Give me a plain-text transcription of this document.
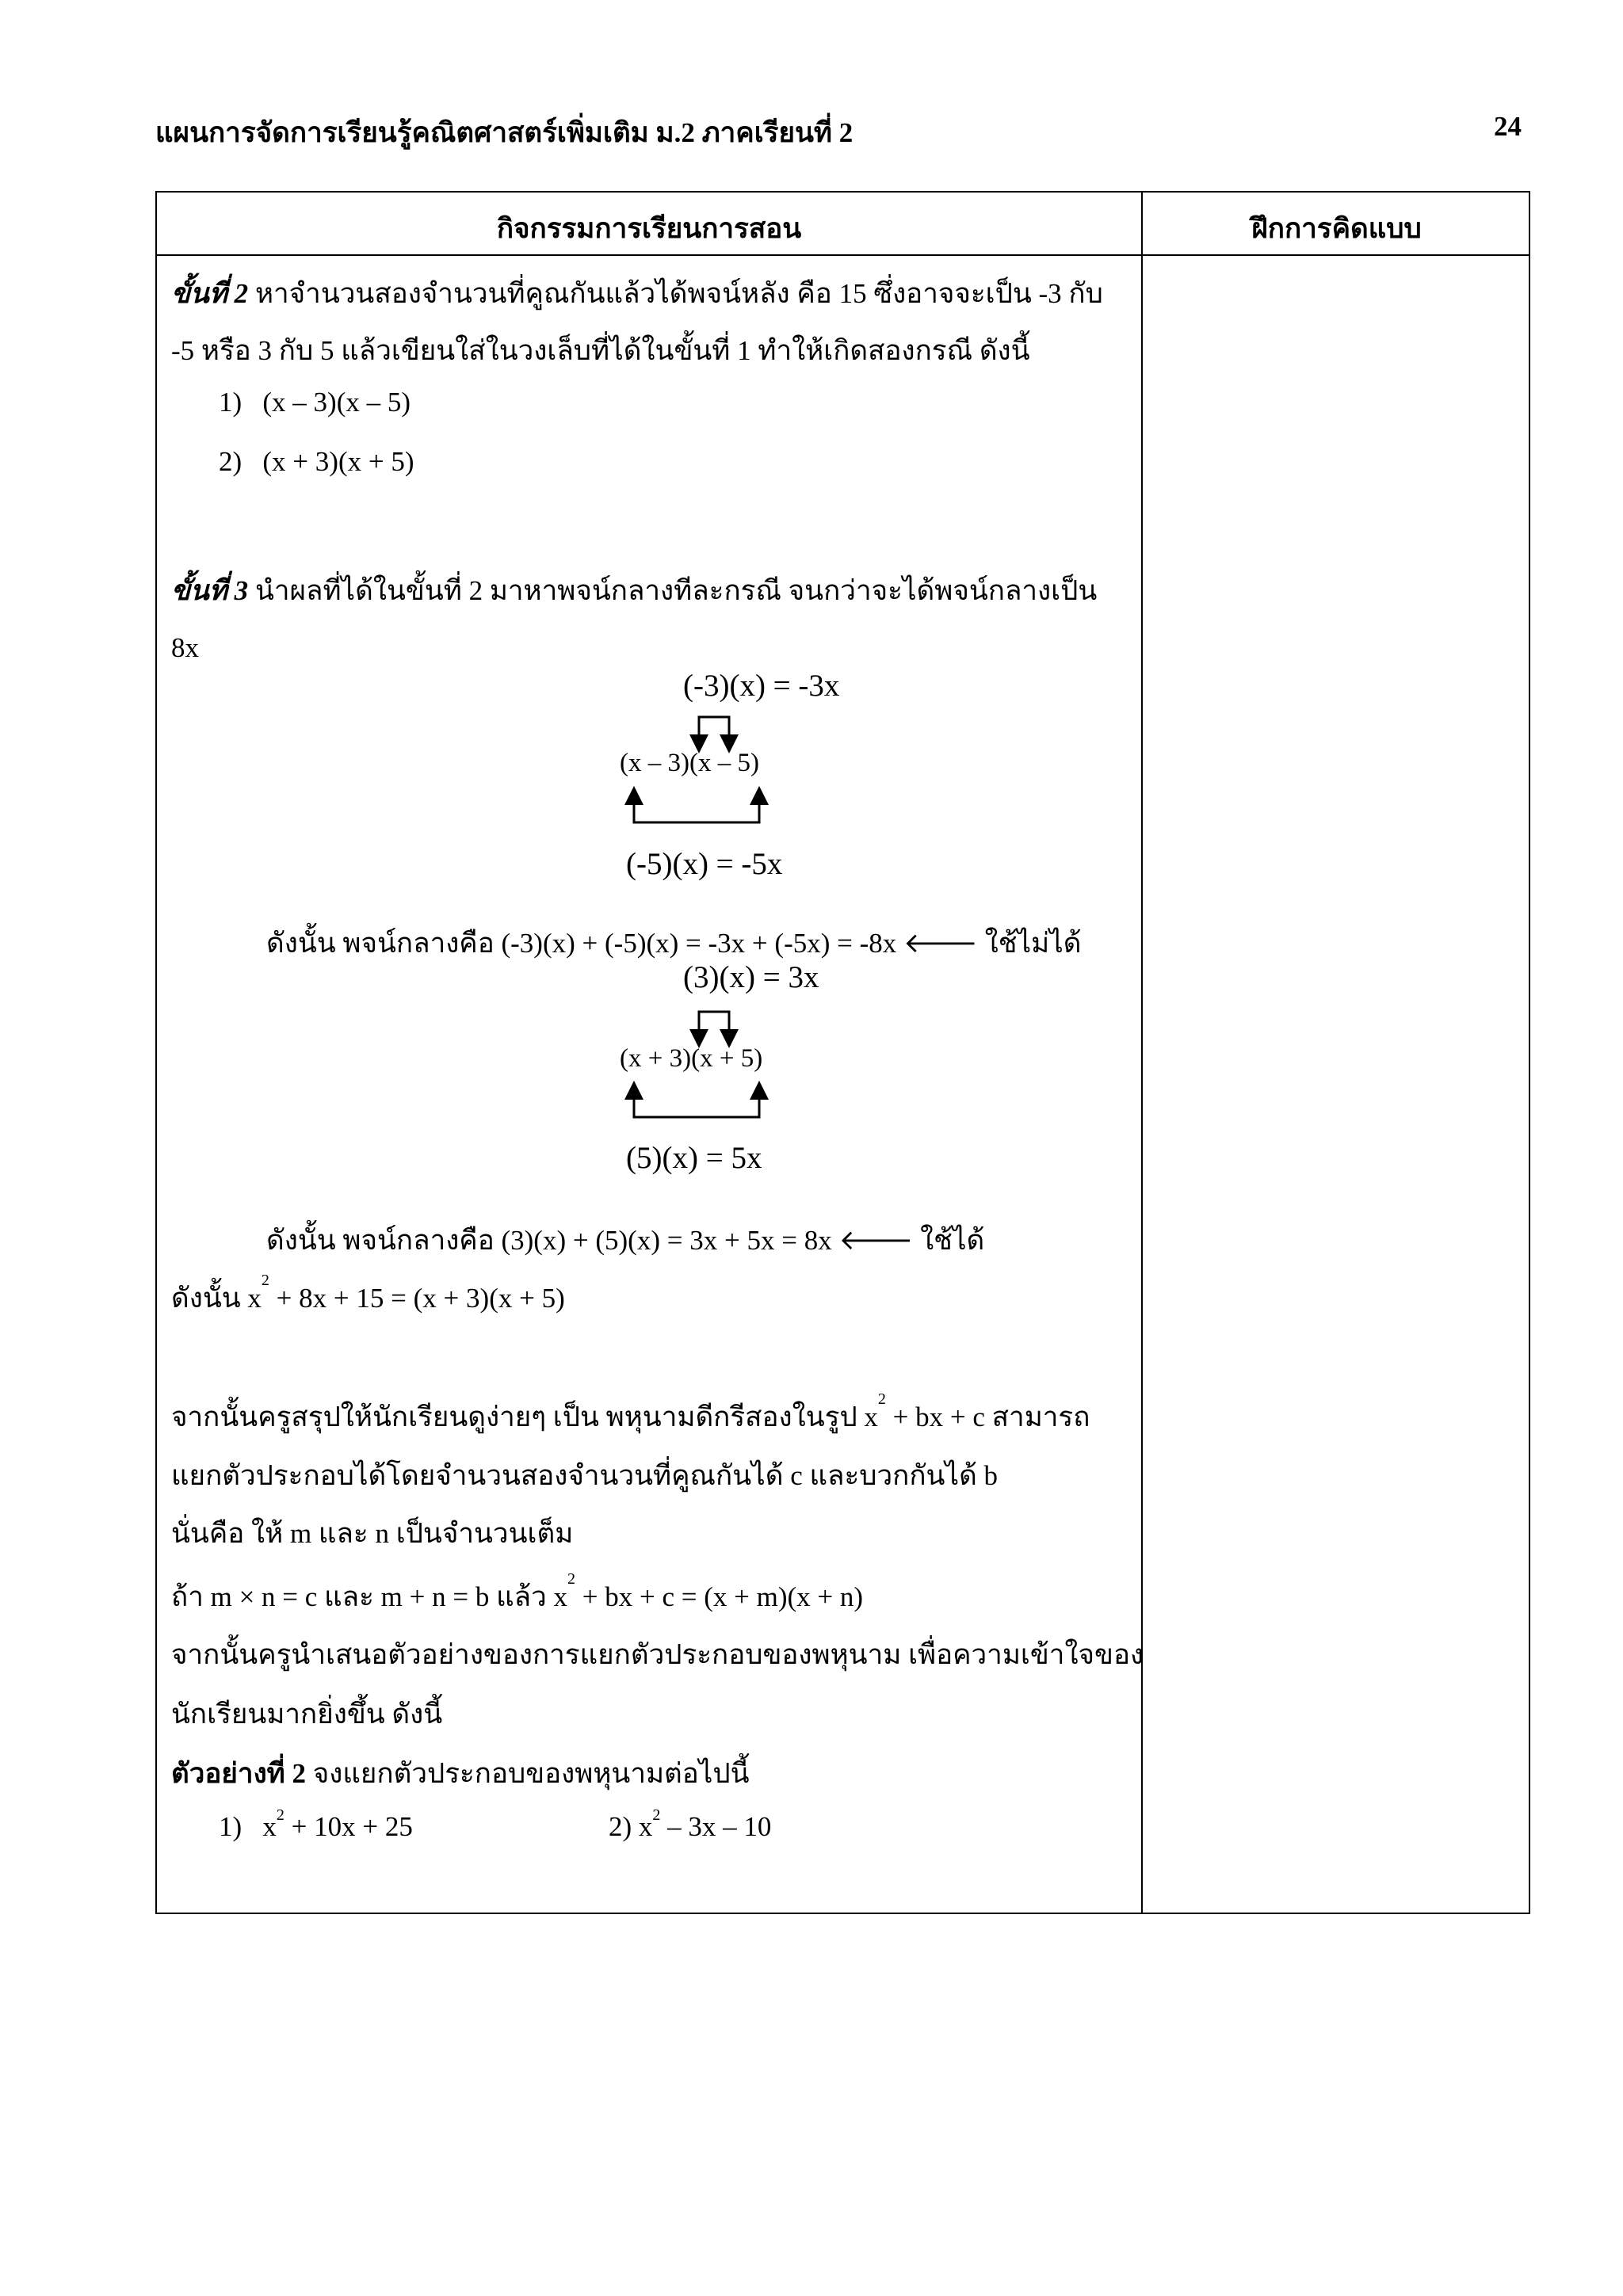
แผนการจัดการเรียนรู้คณิตศาสตร์เพิ่มเติม ม.2 ภาคเรียนที่ 2	24
กิจกรรมการเรียนการสอน	ฝึกการคิดแบบ
ขั้นที่ 2 หาจำนวนสองจำนวนที่คูณกันแล้วได้พจน์หลัง คือ 15 ซึ่งอาจจะเป็น -3 กับ
-5 หรือ 3 กับ 5 แล้วเขียนใส่ในวงเล็บที่ได้ในขั้นที่ 1 ทำให้เกิดสองกรณี ดังนี้
1) (x – 3)(x – 5)
2) (x + 3)(x + 5)
ขั้นที่ 3 นำผลที่ได้ในขั้นที่ 2 มาหาพจน์กลางทีละกรณี จนกว่าจะได้พจน์กลางเป็น
8x
(-3)(x) = -3x
(x – 3)(x – 5)
(-5)(x) = -5x
ดังนั้น พจน์กลางคือ (-3)(x) + (-5)(x) = -3x + (-5x) = -8x 🡐 ใช้ไม่ได้
(3)(x) = 3x
(x + 3)(x + 5)
(5)(x) = 5x
ดังนั้น พจน์กลางคือ (3)(x) + (5)(x) = 3x + 5x = 8x 🡐 ใช้ได้
ดังนั้น $x^2 + 8x + 15 = (x + 3)(x + 5)$
จากนั้นครูสรุปให้นักเรียนดูง่ายๆ เป็น พหุนามดีกรีสองในรูป $x^2$ + bx + c สามารถ
แยกตัวประกอบได้โดยจำนวนสองจำนวนที่คูณกันได้ c และบวกกันได้ b
นั่นคือ ให้ m และ n เป็นจำนวนเต็ม
ถ้า m × n = c และ m + n = b แล้ว $x^2$ + bx + c = (x + m)(x + n)
จากนั้นครูนำเสนอตัวอย่างของการแยกตัวประกอบของพหุนาม เพื่อความเข้าใจของ
นักเรียนมากยิ่งขึ้น ดังนี้
ตัวอย่างที่ 2 จงแยกตัวประกอบของพหุนามต่อไปนี้
1) $x^2 + 10x + 25$	2) $x^2 - 3x - 10$
